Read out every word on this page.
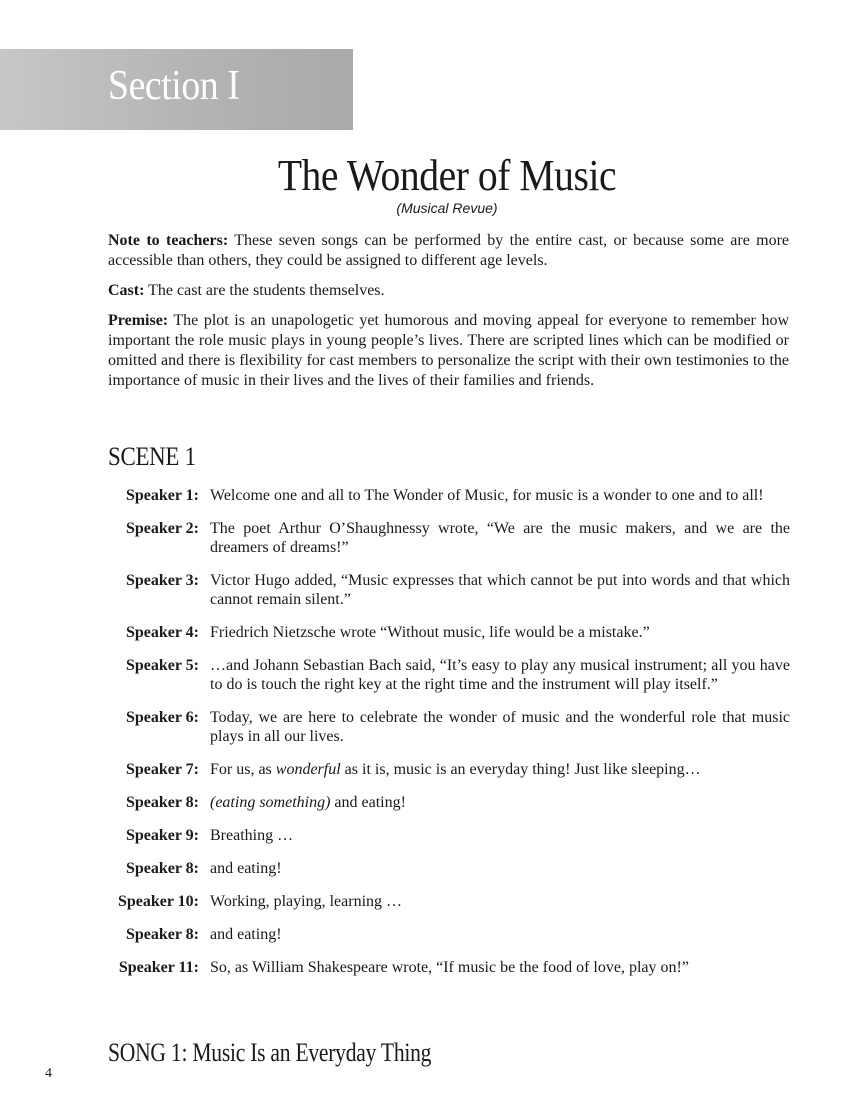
Section I
The Wonder of Music
(Musical Revue)

Note to teachers: These seven songs can be performed by the entire cast, or because some are more accessible than others, they could be assigned to different age levels.

Cast: The cast are the students themselves.

Premise: The plot is an unapologetic yet humorous and moving appeal for everyone to remember how important the role music plays in young people’s lives. There are scripted lines which can be modified or omitted and there is flexibility for cast members to personalize the script with their own testimonies to the importance of music in their lives and the lives of their families and friends.

SCENE 1
Speaker 1: Welcome one and all to The Wonder of Music, for music is a wonder to one and to all!
Speaker 2: The poet Arthur O’Shaughnessy wrote, “We are the music makers, and we are the dreamers of dreams!”
Speaker 3: Victor Hugo added, “Music expresses that which cannot be put into words and that which cannot remain silent.”
Speaker 4: Friedrich Nietzsche wrote “Without music, life would be a mistake.”
Speaker 5: …and Johann Sebastian Bach said, “It’s easy to play any musical instrument; all you have to do is touch the right key at the right time and the instrument will play itself.”
Speaker 6: Today, we are here to celebrate the wonder of music and the wonderful role that music plays in all our lives.
Speaker 7: For us, as wonderful as it is, music is an everyday thing! Just like sleeping…
Speaker 8: (eating something) and eating!
Speaker 9: Breathing …
Speaker 8: and eating!
Speaker 10: Working, playing, learning …
Speaker 8: and eating!
Speaker 11: So, as William Shakespeare wrote, “If music be the food of love, play on!”
SONG 1: Music Is an Everyday Thing
4
